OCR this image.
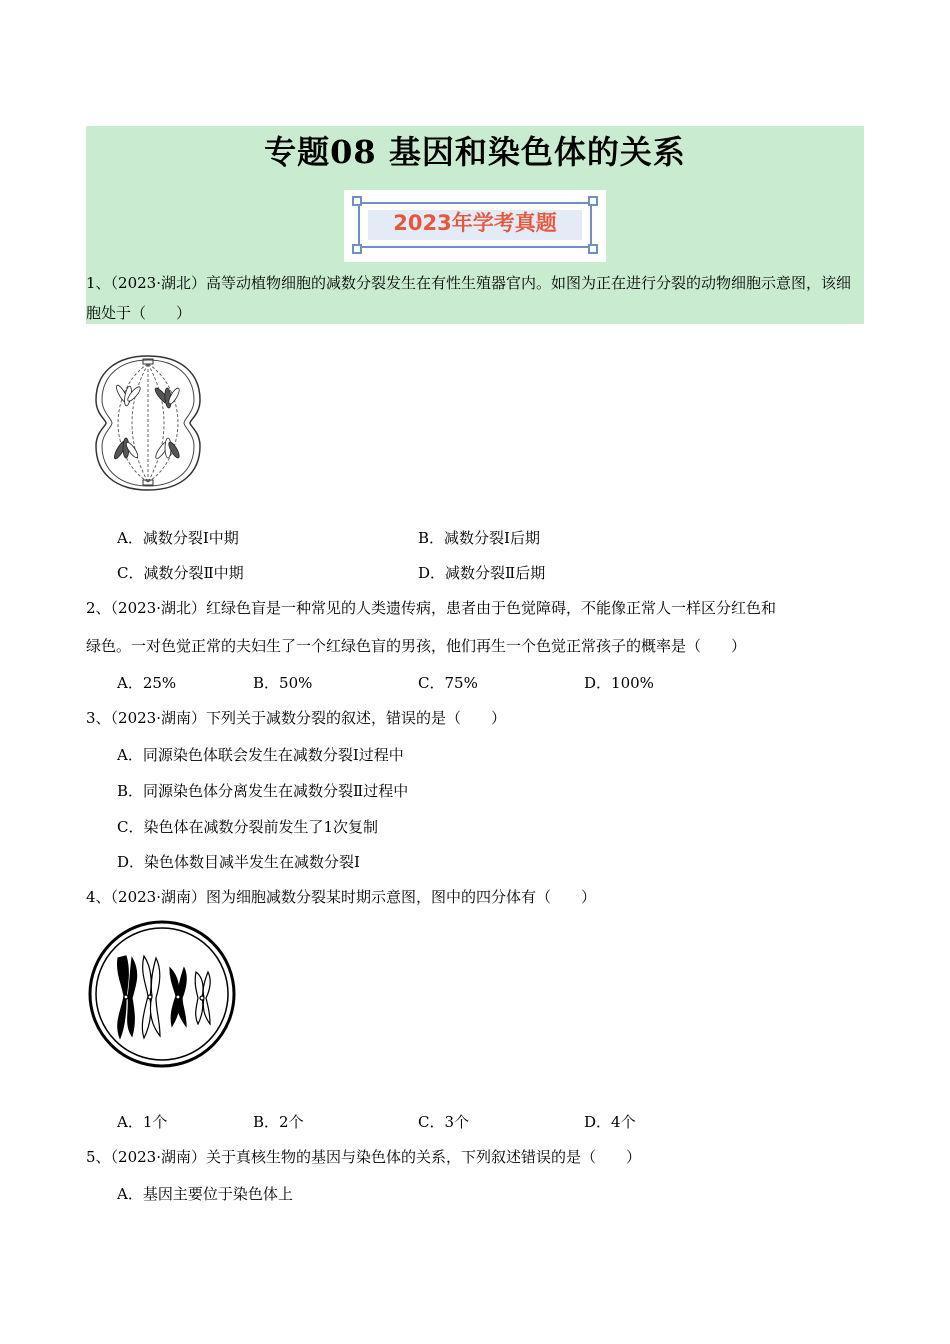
专题08 基因和染色体的关系
2023年学考真题
1、（2023·湖北）高等动植物细胞的减数分裂发生在有性生殖器官内。如图为正在进行分裂的动物细胞示意图，该细胞处于（　　）
A．减数分裂Ⅰ中期	B．减数分裂Ⅰ后期
C．减数分裂Ⅱ中期	D．减数分裂Ⅱ后期
2、（2023·湖北）红绿色盲是一种常见的人类遗传病，患者由于色觉障碍，不能像正常人一样区分红色和
绿色。一对色觉正常的夫妇生了一个红绿色盲的男孩，他们再生一个色觉正常孩子的概率是（　　）
A．25%	B．50%	C．75%	D．100%
3、（2023·湖南）下列关于减数分裂的叙述，错误的是（　　）
A．同源染色体联会发生在减数分裂Ⅰ过程中
B．同源染色体分离发生在减数分裂Ⅱ过程中
C．染色体在减数分裂前发生了1次复制
D．染色体数目减半发生在减数分裂Ⅰ
4、（2023·湖南）图为细胞减数分裂某时期示意图，图中的四分体有（　　）
A．1个	B．2个	C．3个	D．4个
5、（2023·湖南）关于真核生物的基因与染色体的关系，下列叙述错误的是（　　）
A．基因主要位于染色体上
